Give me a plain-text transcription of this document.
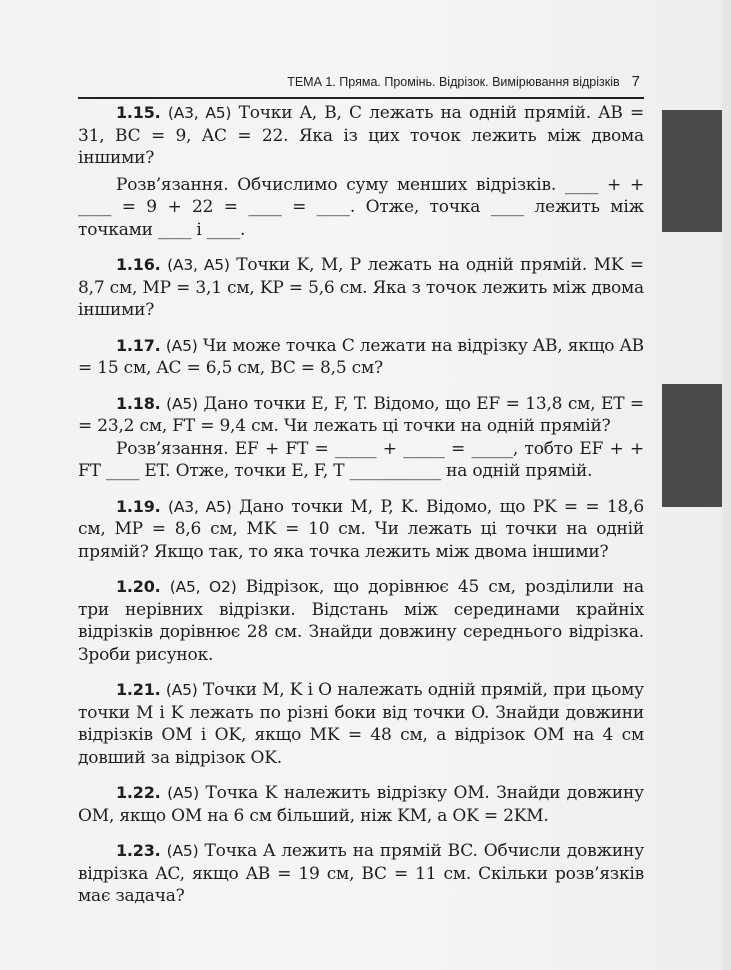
ТЕМА 1. Пряма. Промінь. Відрізок. Вимірювання відрізків 7

1.15. (А3, А5) Точки A, B, C лежать на одній прямій. AB = 31, BC = 9, AC = 22. Яка із цих точок лежить між двома іншими?

Розв’язання. Обчислимо суму менших відрізків. ____ + + ____ = 9 + 22 = ____ = ____. Отже, точка ____ лежить між точками ____ і ____.

1.16. (А3, А5) Точки K, M, P лежать на одній прямій. MK = 8,7 см, MP = 3,1 см, KP = 5,6 см. Яка з точок лежить між двома іншими?

1.17. (А5) Чи може точка C лежати на відрізку AB, якщо AB = 15 см, AC = 6,5 см, BC = 8,5 см?

1.18. (А5) Дано точки E, F, T. Відомо, що EF = 13,8 см, ET = = 23,2 см, FT = 9,4 см. Чи лежать ці точки на одній прямій?

Розв’язання. EF + FT = _____ + _____ = _____, тобто EF + + FT ____ ET. Отже, точки E, F, T ___________ на одній прямій.

1.19. (А3, А5) Дано точки M, P, K. Відомо, що PK = = 18,6 см, MP = 8,6 см, MK = 10 см. Чи лежать ці точки на одній прямій? Якщо так, то яка точка лежить між двома іншими?

1.20. (А5, О2) Відрізок, що дорівнює 45 см, розділили на три нерівних відрізки. Відстань між серединами крайніх відрізків дорівнює 28 см. Знайди довжину середнього відрізка. Зроби рисунок.

1.21. (А5) Точки M, K і O належать одній прямій, при цьому точки M і K лежать по різні боки від точки O. Знайди довжини відрізків OM і OK, якщо MK = 48 см, а відрізок OM на 4 см довший за відрізок OK.

1.22. (А5) Точка K належить відрізку OM. Знайди довжину OM, якщо OM на 6 см більший, ніж KM, а OK = 2KM.

1.23. (А5) Точка A лежить на прямій BC. Обчисли довжину відрізка AC, якщо AB = 19 см, BC = 11 см. Скільки розв’язків має задача?
